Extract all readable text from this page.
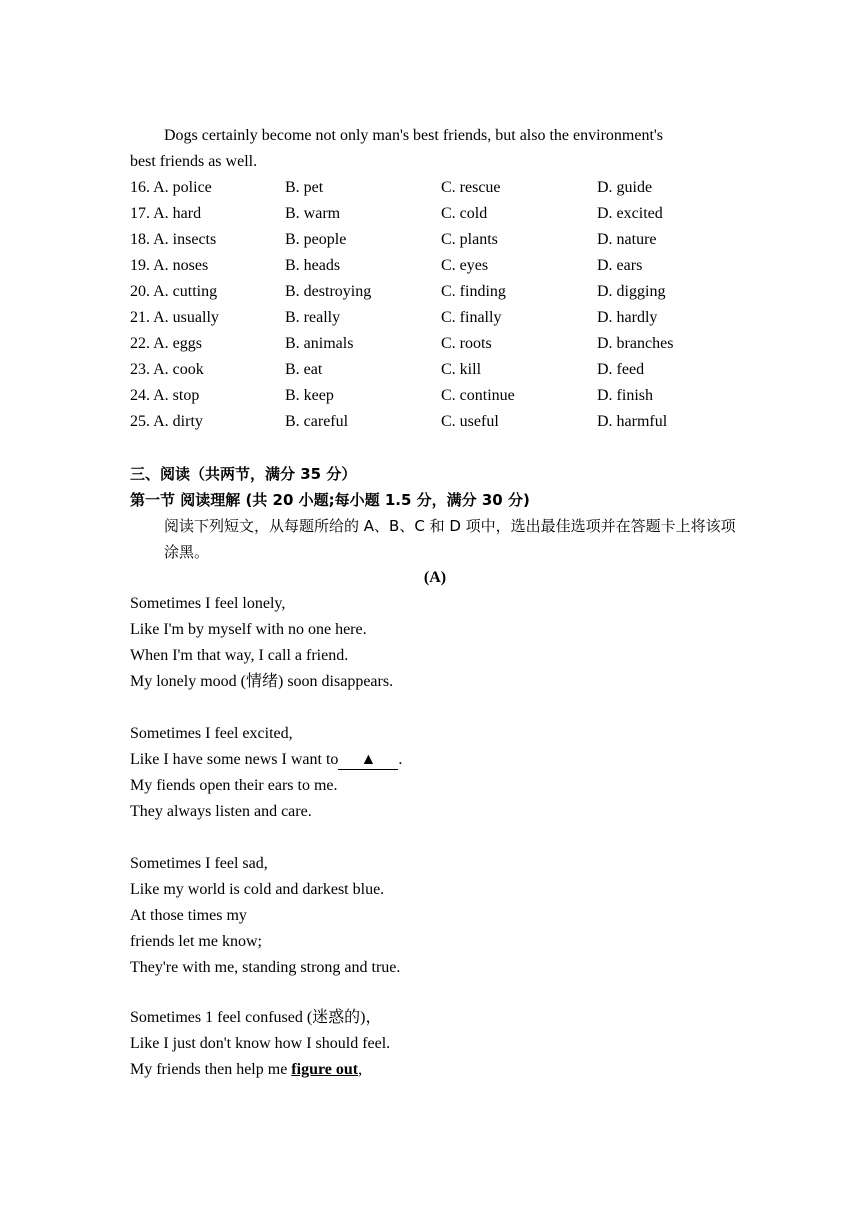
Dogs certainly become not only man's best friends, but also the environment's
best friends as well.
16. A. police	B. pet	C. rescue	D. guide
17. A. hard	B. warm	C. cold	D. excited
18. A. insects	B. people	C. plants	D. nature
19. A. noses	B. heads	C. eyes	D. ears
20. A. cutting	B. destroying	C. finding	D. digging
21. A. usually	B. really	C. finally	D. hardly
22. A. eggs	B. animals	C. roots	D. branches
23. A. cook	B. eat	C. kill	D. feed
24. A. stop	B. keep	C. continue	D. finish
25. A. dirty	B. careful	C. useful	D. harmful
三、阅读（共两节，满分 35 分）
第一节 阅读理解 (共 20 小题;每小题 1.5 分，满分 30 分)
阅读下列短文，从每题所给的 A、B、C 和 D 项中，选出最佳选项并在答题卡上将该项涂黑。
(A)
Sometimes I feel lonely,
Like I'm by myself with no one here.
When I'm that way, I call a friend.
My lonely mood (情绪) soon disappears.
Sometimes I feel excited,
Like I have some news I want to ▲ .
My fiends open their ears to me.
They always listen and care.
Sometimes I feel sad,
Like my world is cold and darkest blue.
At those times my
friends let me know;
They're with me, standing strong and true.
Sometimes 1 feel confused (迷惑的)，
Like I just don't know how I should feel.
My friends then help me figure out,
